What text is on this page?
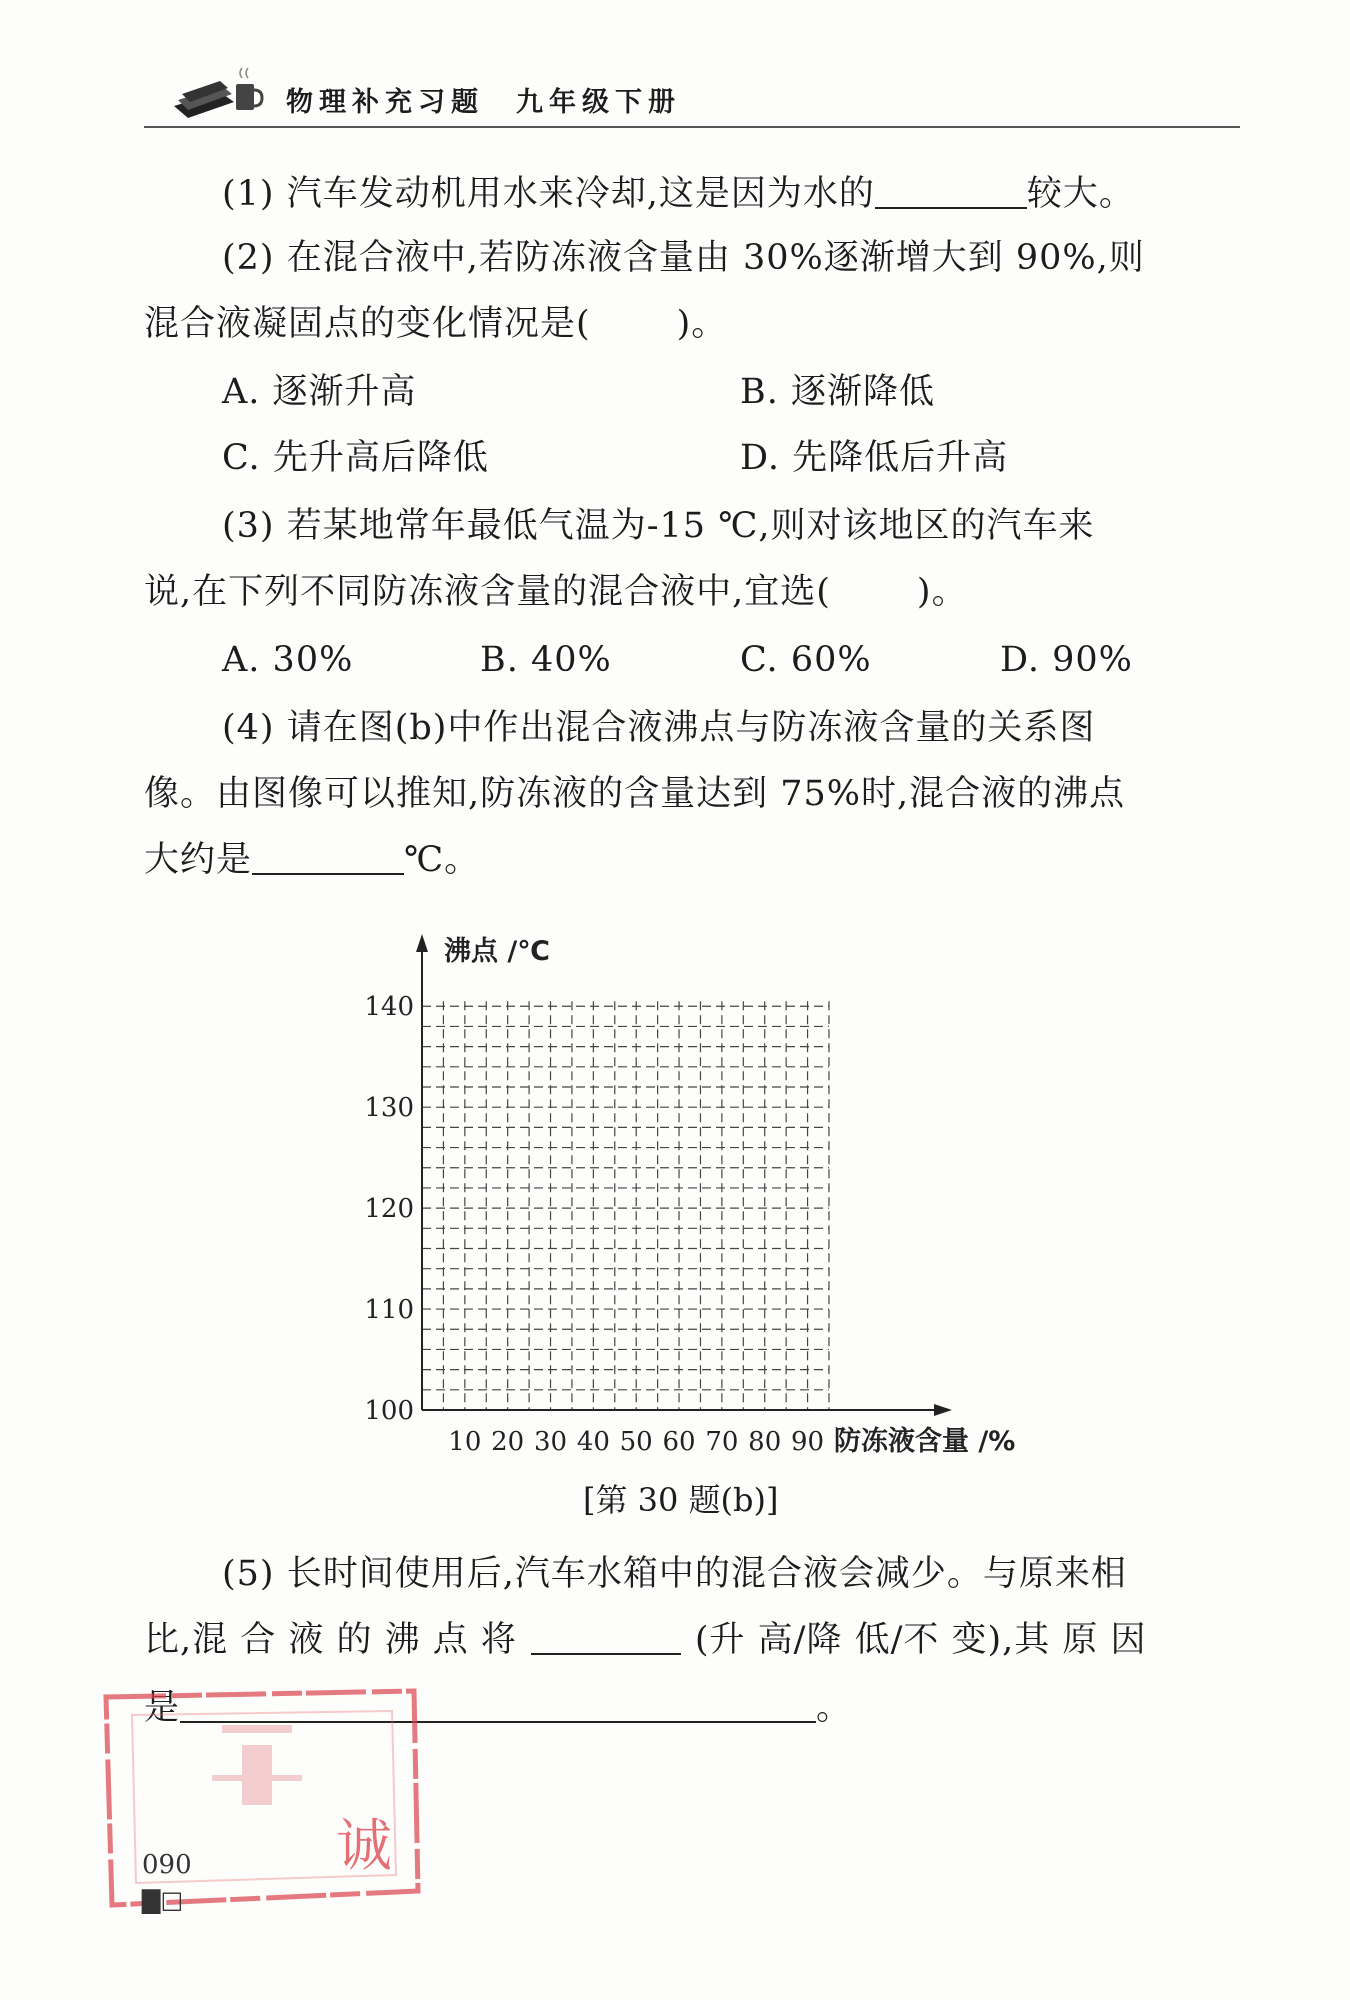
物理补充习题 九年级下册
(1) 汽车发动机用水来冷却,这是因为水的	较大。
(2) 在混合液中,若防冻液含量由 30%逐渐增大到 90%,则
混合液凝固点的变化情况是( )。
A. 逐渐升高	B. 逐渐降低
C. 先升高后降低	D. 先降低后升高
(3) 若某地常年最低气温为-15 ℃,则对该地区的汽车来
说,在下列不同防冻液含量的混合液中,宜选( )。
A. 30%	B. 40%	C. 60%	D. 90%
(4) 请在图(b)中作出混合液沸点与防冻液含量的关系图
像。由图像可以推知,防冻液的含量达到 75%时,混合液的沸点
大约是	℃。
100
110
120
130
140
10 20 30 40 50 60 70 80 90
沸点 /℃
防冻液含量 /%
[第 30 题(b)]
(5) 长时间使用后,汽车水箱中的混合液会减少。与原来相
比,混 合 液 的 沸 点 将	(升 高/降 低/不 变),其 原 因
是	。
诚
090
▇□
